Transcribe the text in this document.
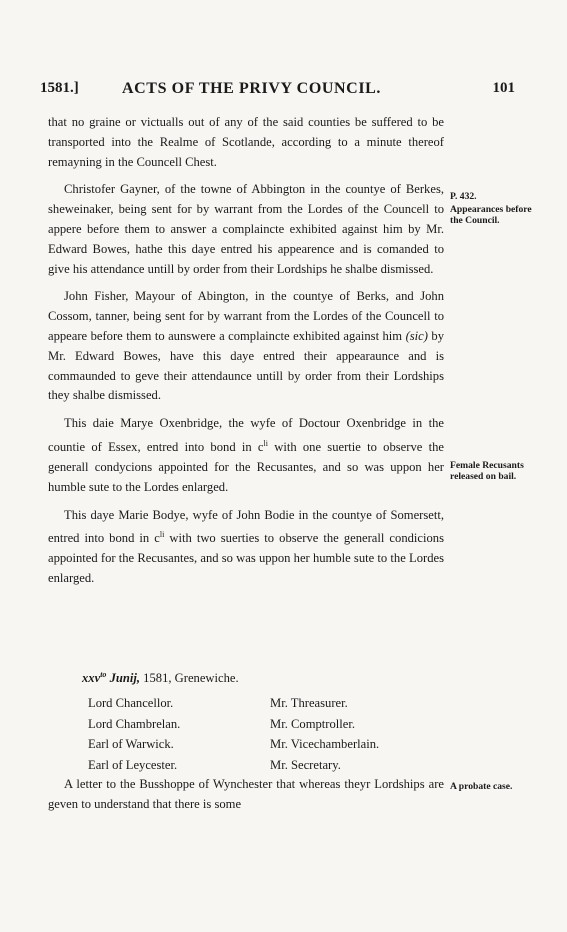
1581.]	ACTS OF THE PRIVY COUNCIL.	101

that no graine or victualls out of any of the said counties be suffered to be transported into the Realme of Scotlande, according to a minute thereof remayning in the Councell Chest.

Christofer Gayner, of the towne of Abbington in the countye of Berkes, sheweinaker, being sent for by warrant from the Lordes of the Councell to appere before them to answer a complaincte exhibited against him by Mr. Edward Bowes, hathe this daye entred his appearence and is comanded to give his attendance untill by order from their Lordships he shalbe dismissed.

John Fisher, Mayour of Abington, in the countye of Berks, and John Cossom, tanner, being sent for by warrant from the Lordes of the Councell to appeare before them to aunswere a complaincte exhibited against him (sic) by Mr. Edward Bowes, have this daye entred their appearaunce and is commaunded to geve their attendaunce untill by order from their Lordships they shalbe dismissed.

This daie Marye Oxenbridge, the wyfe of Doctour Oxenbridge in the countie of Essex, entred into bond in $c^{li}$ with one suertie to observe the generall condycions appointed for the Recusantes, and so was uppon her humble sute to the Lordes enlarged.

This daye Marie Bodye, wyfe of John Bodie in the countye of Somersett, entred into bond in $c^{li}$ with two suerties to observe the generall condicions appointed for the Recusantes, and so was uppon her humble sute to the Lordes enlarged.

P. 432.
Appearances before the Council.
Female Recusants released on bail.
A probate case.
xxv$^{to}$ Junij, 1581, Grenewiche.
Lord Chancellor.	Mr. Threasurer.
Lord Chambrelan.	Mr. Comptroller.
Earl of Warwick.	Mr. Vicechamberlain.
Earl of Leycester.	Mr. Secretary.

A letter to the Busshoppe of Wynchester that whereas theyr Lordships are geven to understand that there is some
